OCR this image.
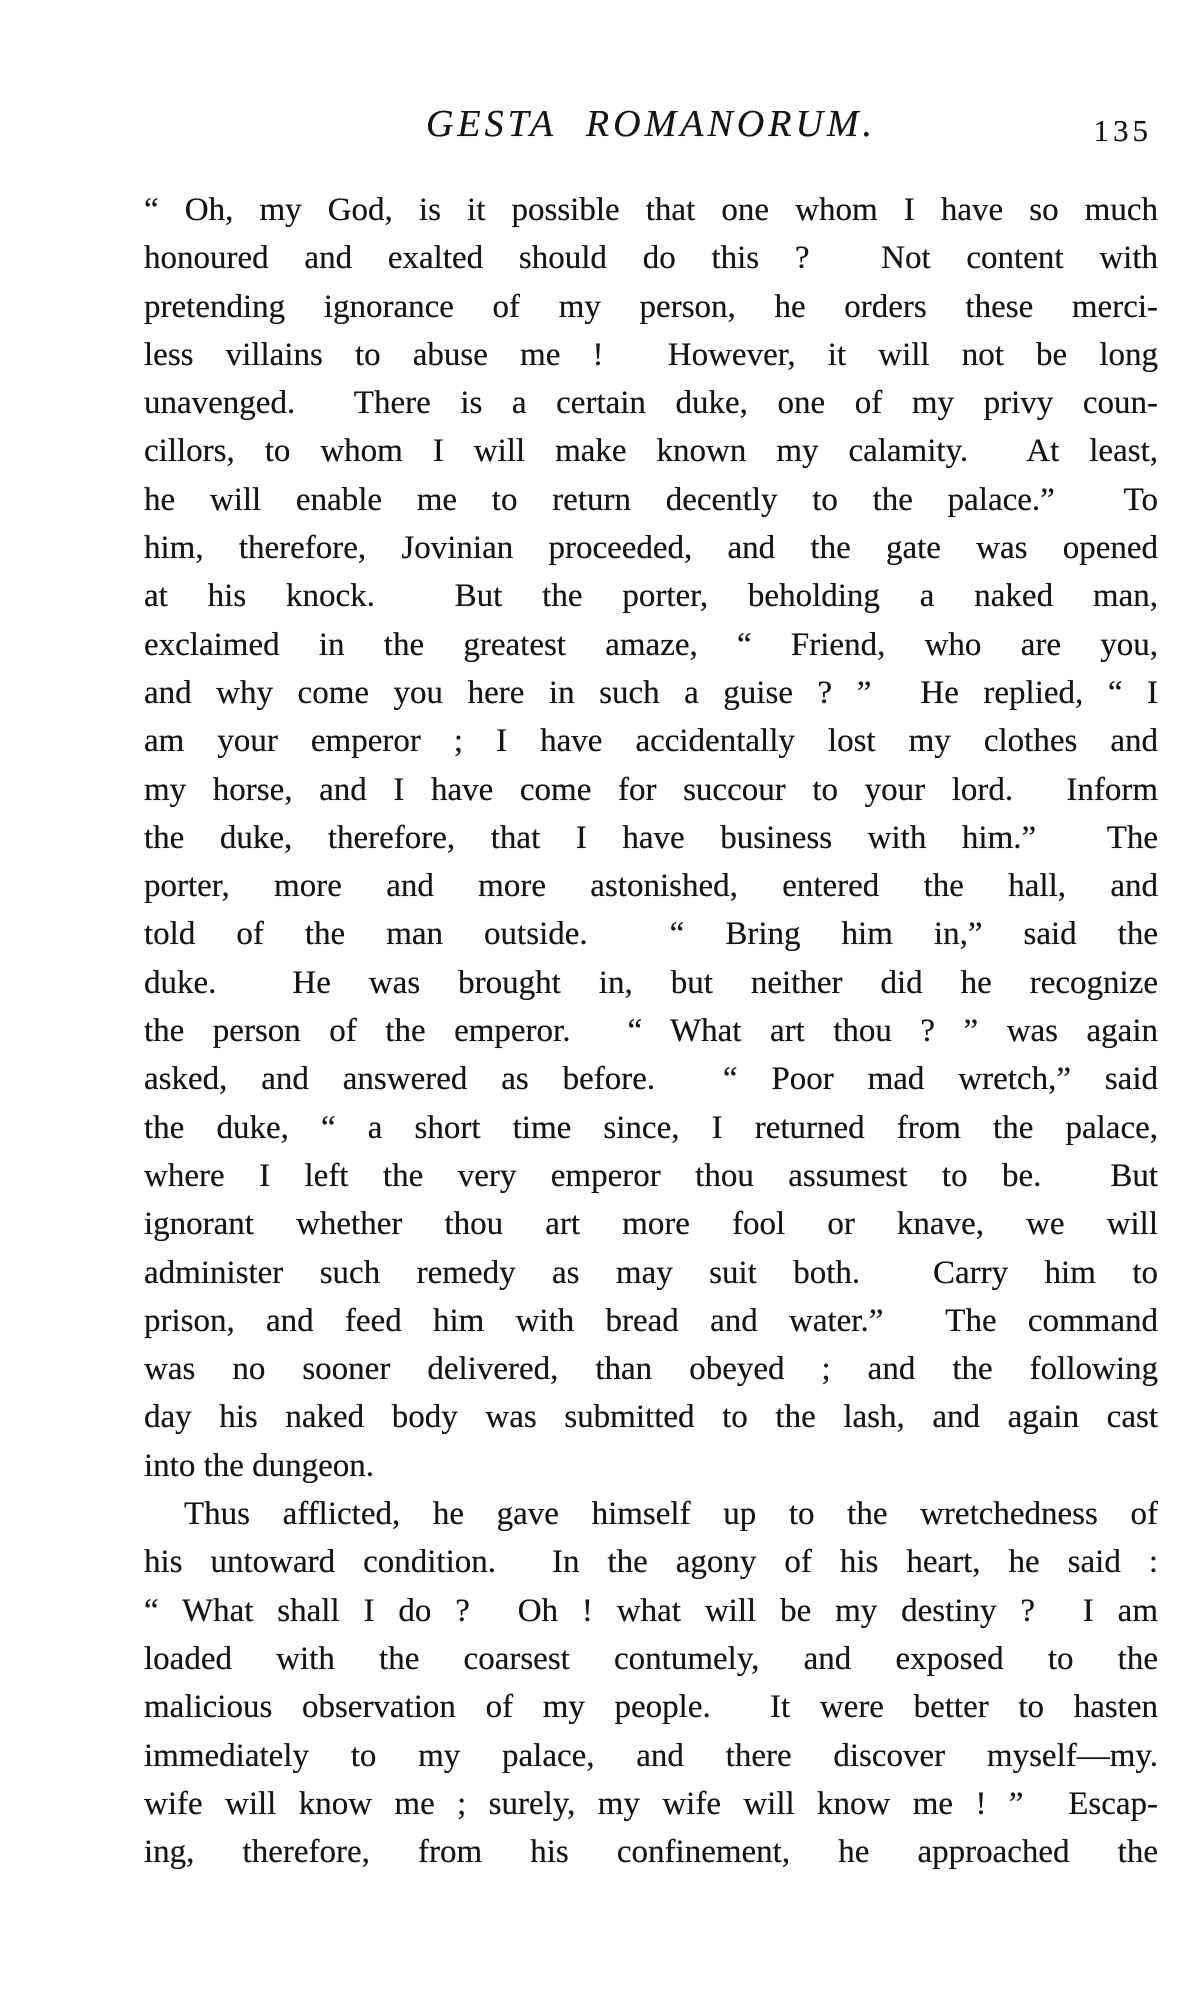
GESTA ROMANORUM.	135

“ Oh, my God, is it possible that one whom I have so much
honoured and exalted should do this ?  Not content with
pretending ignorance of my person, he orders these merci-
less villains to abuse me !  However, it will not be long
unavenged.  There is a certain duke, one of my privy coun-
cillors, to whom I will make known my calamity.  At least,
he will enable me to return decently to the palace.”  To
him, therefore, Jovinian proceeded, and the gate was opened
at his knock.  But the porter, beholding a naked man,
exclaimed in the greatest amaze, “ Friend, who are you,
and why come you here in such a guise ? ”  He replied, “ I
am your emperor ; I have accidentally lost my clothes and
my horse, and I have come for succour to your lord.  Inform
the duke, therefore, that I have business with him.”  The
porter, more and more astonished, entered the hall, and
told of the man outside.  “ Bring him in,” said the
duke.  He was brought in, but neither did he recognize
the person of the emperor.  “ What art thou ? ” was again
asked, and answered as before.  “ Poor mad wretch,” said
the duke, “ a short time since, I returned from the palace,
where I left the very emperor thou assumest to be.  But
ignorant whether thou art more fool or knave, we will
administer such remedy as may suit both.  Carry him to
prison, and feed him with bread and water.”  The command
was no sooner delivered, than obeyed ; and the following
day his naked body was submitted to the lash, and again cast
into the dungeon.

Thus afflicted, he gave himself up to the wretchedness of
his untoward condition.  In the agony of his heart, he said :
“ What shall I do ?  Oh ! what will be my destiny ?  I am
loaded with the coarsest contumely, and exposed to the
malicious observation of my people.  It were better to hasten
immediately to my palace, and there discover myself—my.
wife will know me ; surely, my wife will know me ! ”  Escap-
ing, therefore, from his confinement, he approached the
